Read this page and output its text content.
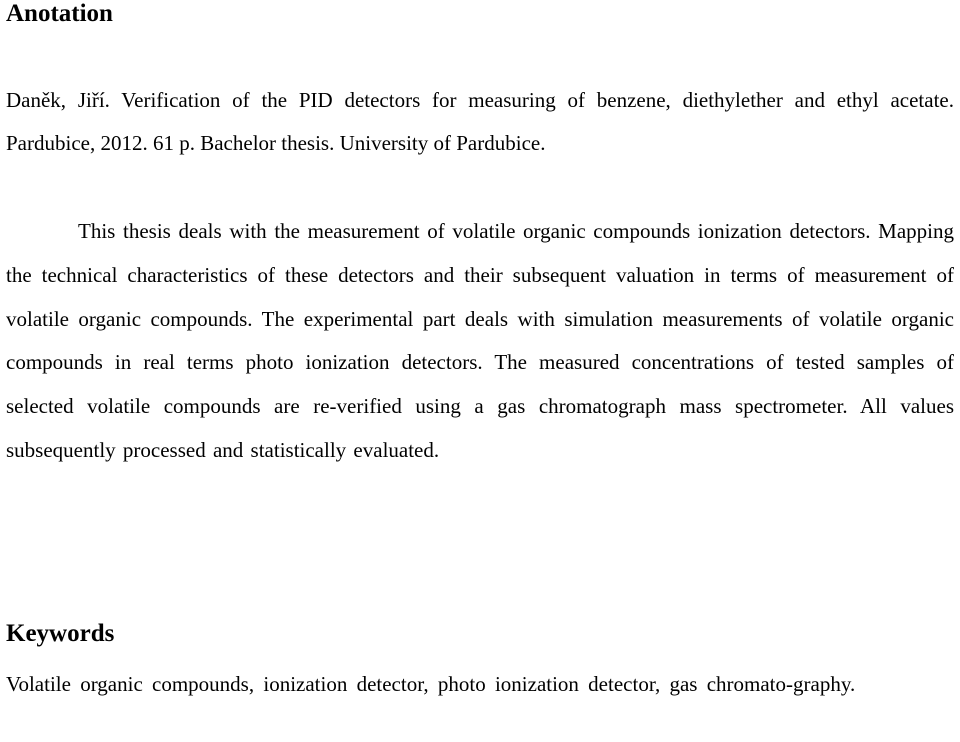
Anotation

Daněk, Jiří. Verification of the PID detectors for measuring of benzene, diethylether and ethyl acetate. Pardubice, 2012. 61 p. Bachelor thesis. University of Pardubice.

This thesis deals with the measurement of volatile organic compounds ionization detectors. Mapping the technical characteristics of these detectors and their subsequent valuation in terms of measurement of volatile organic compounds. The experimental part deals with simulation measurements of volatile organic compounds in real terms photo ionization detectors. The measured concentrations of tested samples of selected volatile compounds are re-verified using a gas chromatograph mass spectrometer. All values subsequently processed and statistically evaluated.

Keywords

Volatile organic compounds, ionization detector, photo ionization detector, gas chromato-graphy.
